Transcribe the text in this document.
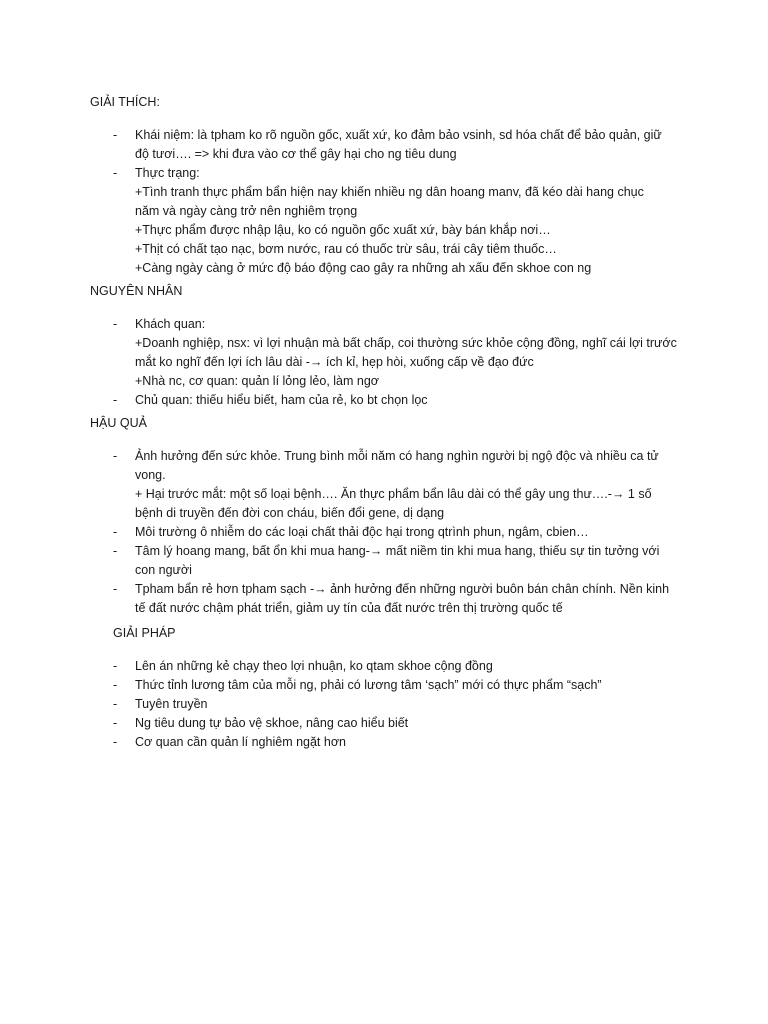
GIẢI THÍCH:
- Khái niệm: là tpham ko rõ nguồn gốc, xuất xứ, ko đảm bảo vsinh, sd hóa chất để bảo quản, giữ
độ tươi…. => khi đưa vào cơ thể gây hại cho ng tiêu dung
- Thực trạng:
+Tình tranh thực phẩm bẩn hiện nay khiến nhiều ng dân hoang manv, đã kéo dài hang chục
năm và ngày càng trở nên nghiêm trọng
+Thực phẩm được nhập lậu, ko có nguồn gốc xuất xứ, bày bán khắp nơi…
+Thịt có chất tạo nạc, bơm nước, rau có thuốc trừ sâu, trái cây tiêm thuốc…
+Càng ngày càng ở mức độ báo động cao gây ra những ah xấu đến skhoe con ng
NGUYÊN NHÂN
- Khách quan:
+Doanh nghiệp, nsx: vì lợi nhuận mà bất chấp, coi thường sức khỏe cộng đồng, nghĩ cái lợi trước
mắt ko nghĩ đến lợi ích lâu dài -→ ích kỉ, hẹp hòi, xuống cấp về đạo đức
+Nhà nc, cơ quan: quản lí lỏng lẻo, làm ngơ
- Chủ quan: thiếu hiểu biết, ham của rẻ, ko bt chọn lọc
HẬU QUẢ
- Ảnh hưởng đến sức khỏe. Trung bình mỗi năm có hang nghìn người bị ngộ độc và nhiều ca tử
vong.
+ Hại trước mắt: một số loại bệnh…. Ăn thực phẩm bẩn lâu dài có thể gây ung thư….-→ 1 số
bệnh di truyền đến đời con cháu, biến đổi gene, dị dạng
- Môi trường ô nhiễm do các loại chất thải độc hại trong qtrình phun, ngâm, cbien…
- Tâm lý hoang mang, bất ổn khi mua hang-→ mất niềm tin khi mua hang, thiếu sự tin tưởng với
con người
- Tpham bẩn rẻ hơn tpham sạch -→ ảnh hưởng đến những người buôn bán chân chính. Nền kinh
tế đất nước chậm phát triển, giảm uy tín của đất nước trên thị trường quốc tế
GIẢI PHÁP
- Lên án những kẻ chạy theo lợi nhuận, ko qtam skhoe cộng đồng
- Thức tỉnh lương tâm của mỗi ng, phải có lương tâm ‘sạch” mới có thực phẩm “sạch”
- Tuyên truyền
- Ng tiêu dung tự bảo vệ skhoe, nâng cao hiểu biết
- Cơ quan cần quản lí nghiêm ngặt hơn
